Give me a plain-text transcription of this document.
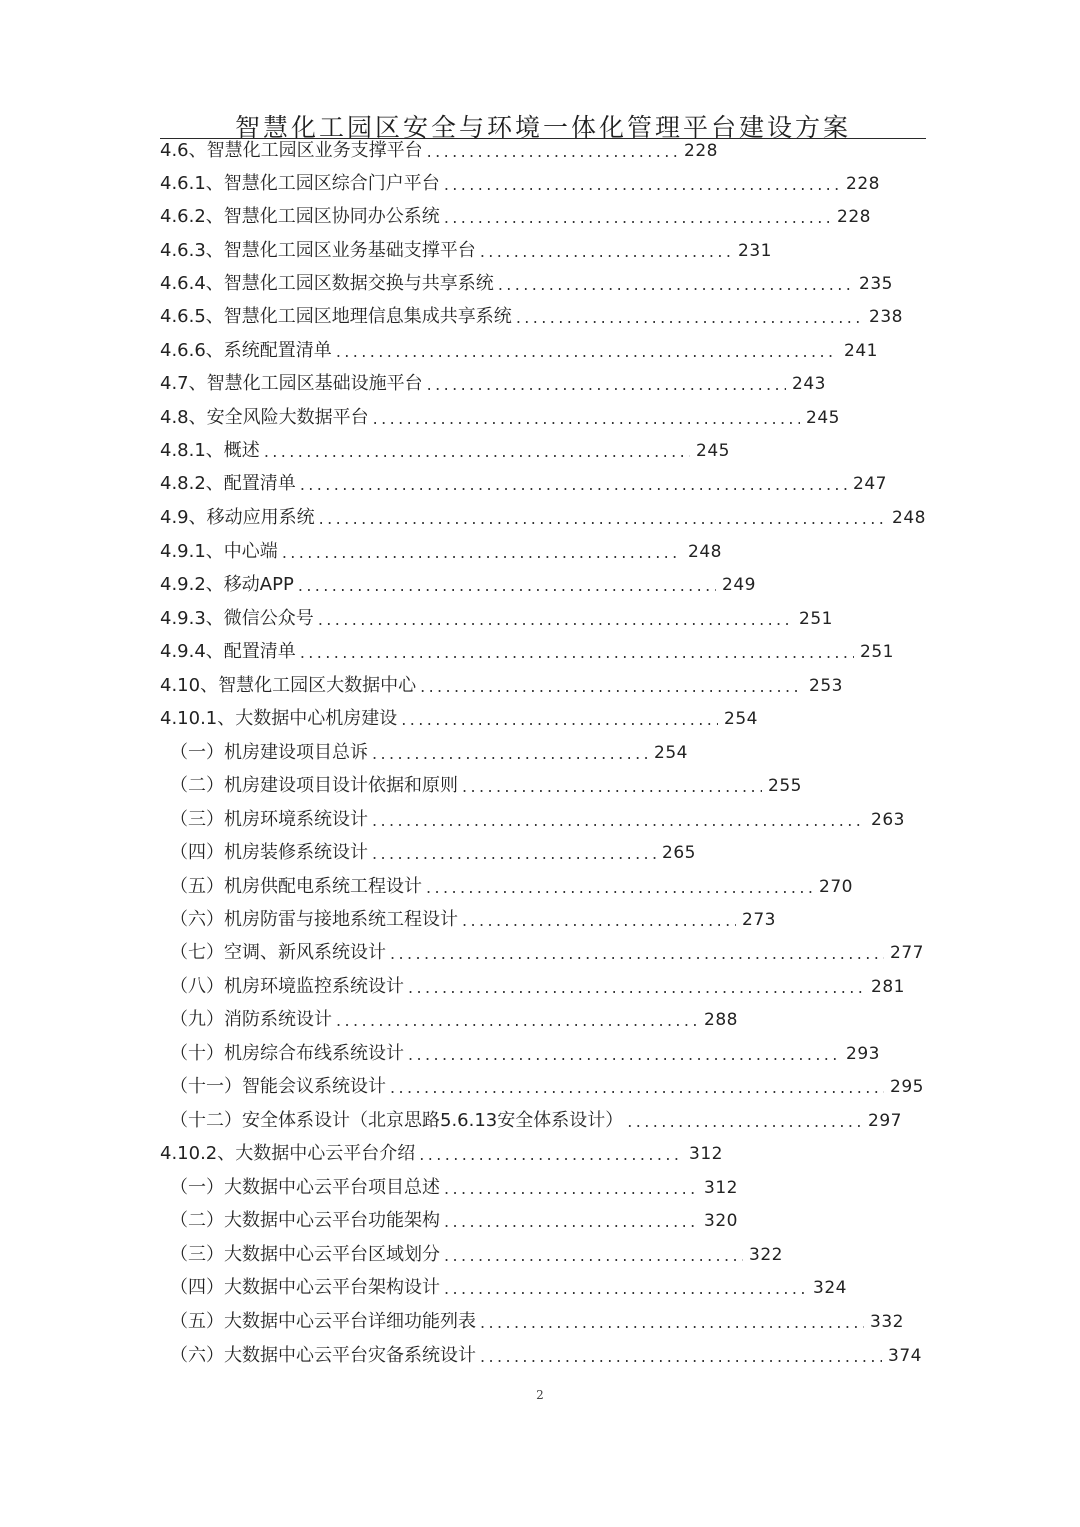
智慧化工园区安全与环境一体化管理平台建设方案
4.6、智慧化工园区业务支撑平台 .....	228
4.6.1、智慧化工园区综合门户平台 .....	228
4.6.2、智慧化工园区协同办公系统 .....	228
4.6.3、智慧化工园区业务基础支撑平台 .....	231
4.6.4、智慧化工园区数据交换与共享系统 .....	235
4.6.5、智慧化工园区地理信息集成共享系统 .....	238
4.6.6、系统配置清单 .....	241
4.7、智慧化工园区基础设施平台 .....	243
4.8、安全风险大数据平台 .....	245
4.8.1、概述 .....	245
4.8.2、配置清单 .....	247
4.9、移动应用系统 .....	248
4.9.1、中心端 .....	248
4.9.2、移动APP .....	249
4.9.3、微信公众号 .....	251
4.9.4、配置清单 .....	251
4.10、智慧化工园区大数据中心 .....	253
4.10.1、大数据中心机房建设 .....	254
（一）机房建设项目总诉 .....	254
（二）机房建设项目设计依据和原则 .....	255
（三）机房环境系统设计 .....	263
（四）机房装修系统设计 .....	265
（五）机房供配电系统工程设计 .....	270
（六）机房防雷与接地系统工程设计 .....	273
（七）空调、新风系统设计 .....	277
（八）机房环境监控系统设计 .....	281
（九）消防系统设计 .....	288
（十）机房综合布线系统设计 .....	293
（十一）智能会议系统设计 .....	295
（十二）安全体系设计（北京思路5.6.13安全体系设计） .....	297
4.10.2、大数据中心云平台介绍 .....	312
（一）大数据中心云平台项目总述 .....	312
（二）大数据中心云平台功能架构 .....	320
（三）大数据中心云平台区域划分 .....	322
（四）大数据中心云平台架构设计 .....	324
（五）大数据中心云平台详细功能列表 .....	332
（六）大数据中心云平台灾备系统设计 .....	374
2
